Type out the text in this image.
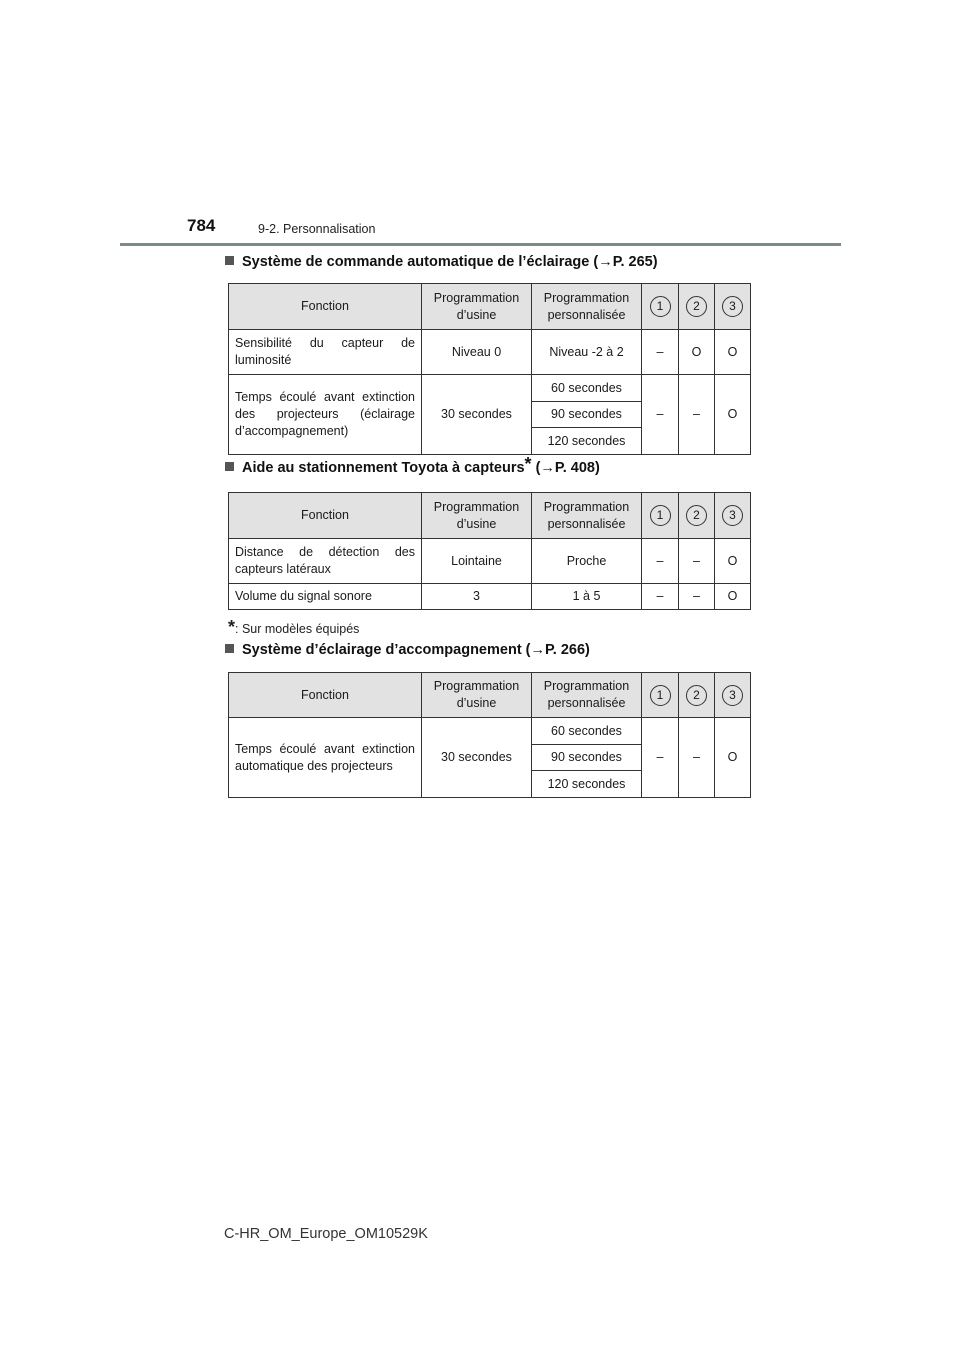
784	9-2. Personnalisation
Système de commande automatique de l’éclairage (→P. 265)
Fonction	Programmation d’usine	Programmation personnalisée	1	2	3
Sensibilité du capteur de luminosité	Niveau 0	Niveau -2 à 2	–	O	O
Temps écoulé avant extinction des projecteurs (éclairage d’accompagnement)	30 secondes	60 secondes	–	–	O
		90 secondes			
		120 secondes			
Aide au stationnement Toyota à capteurs* (→P. 408)
Fonction	Programmation d’usine	Programmation personnalisée	1	2	3
Distance de détection des capteurs latéraux	Lointaine	Proche	–	–	O
Volume du signal sonore	3	1 à 5	–	–	O
*: Sur modèles équipés
Système d’éclairage d’accompagnement (→P. 266)
Fonction	Programmation d’usine	Programmation personnalisée	1	2	3
Temps écoulé avant extinction automatique des projecteurs	30 secondes	60 secondes	–	–	O
		90 secondes			
		120 secondes			
C-HR_OM_Europe_OM10529K
